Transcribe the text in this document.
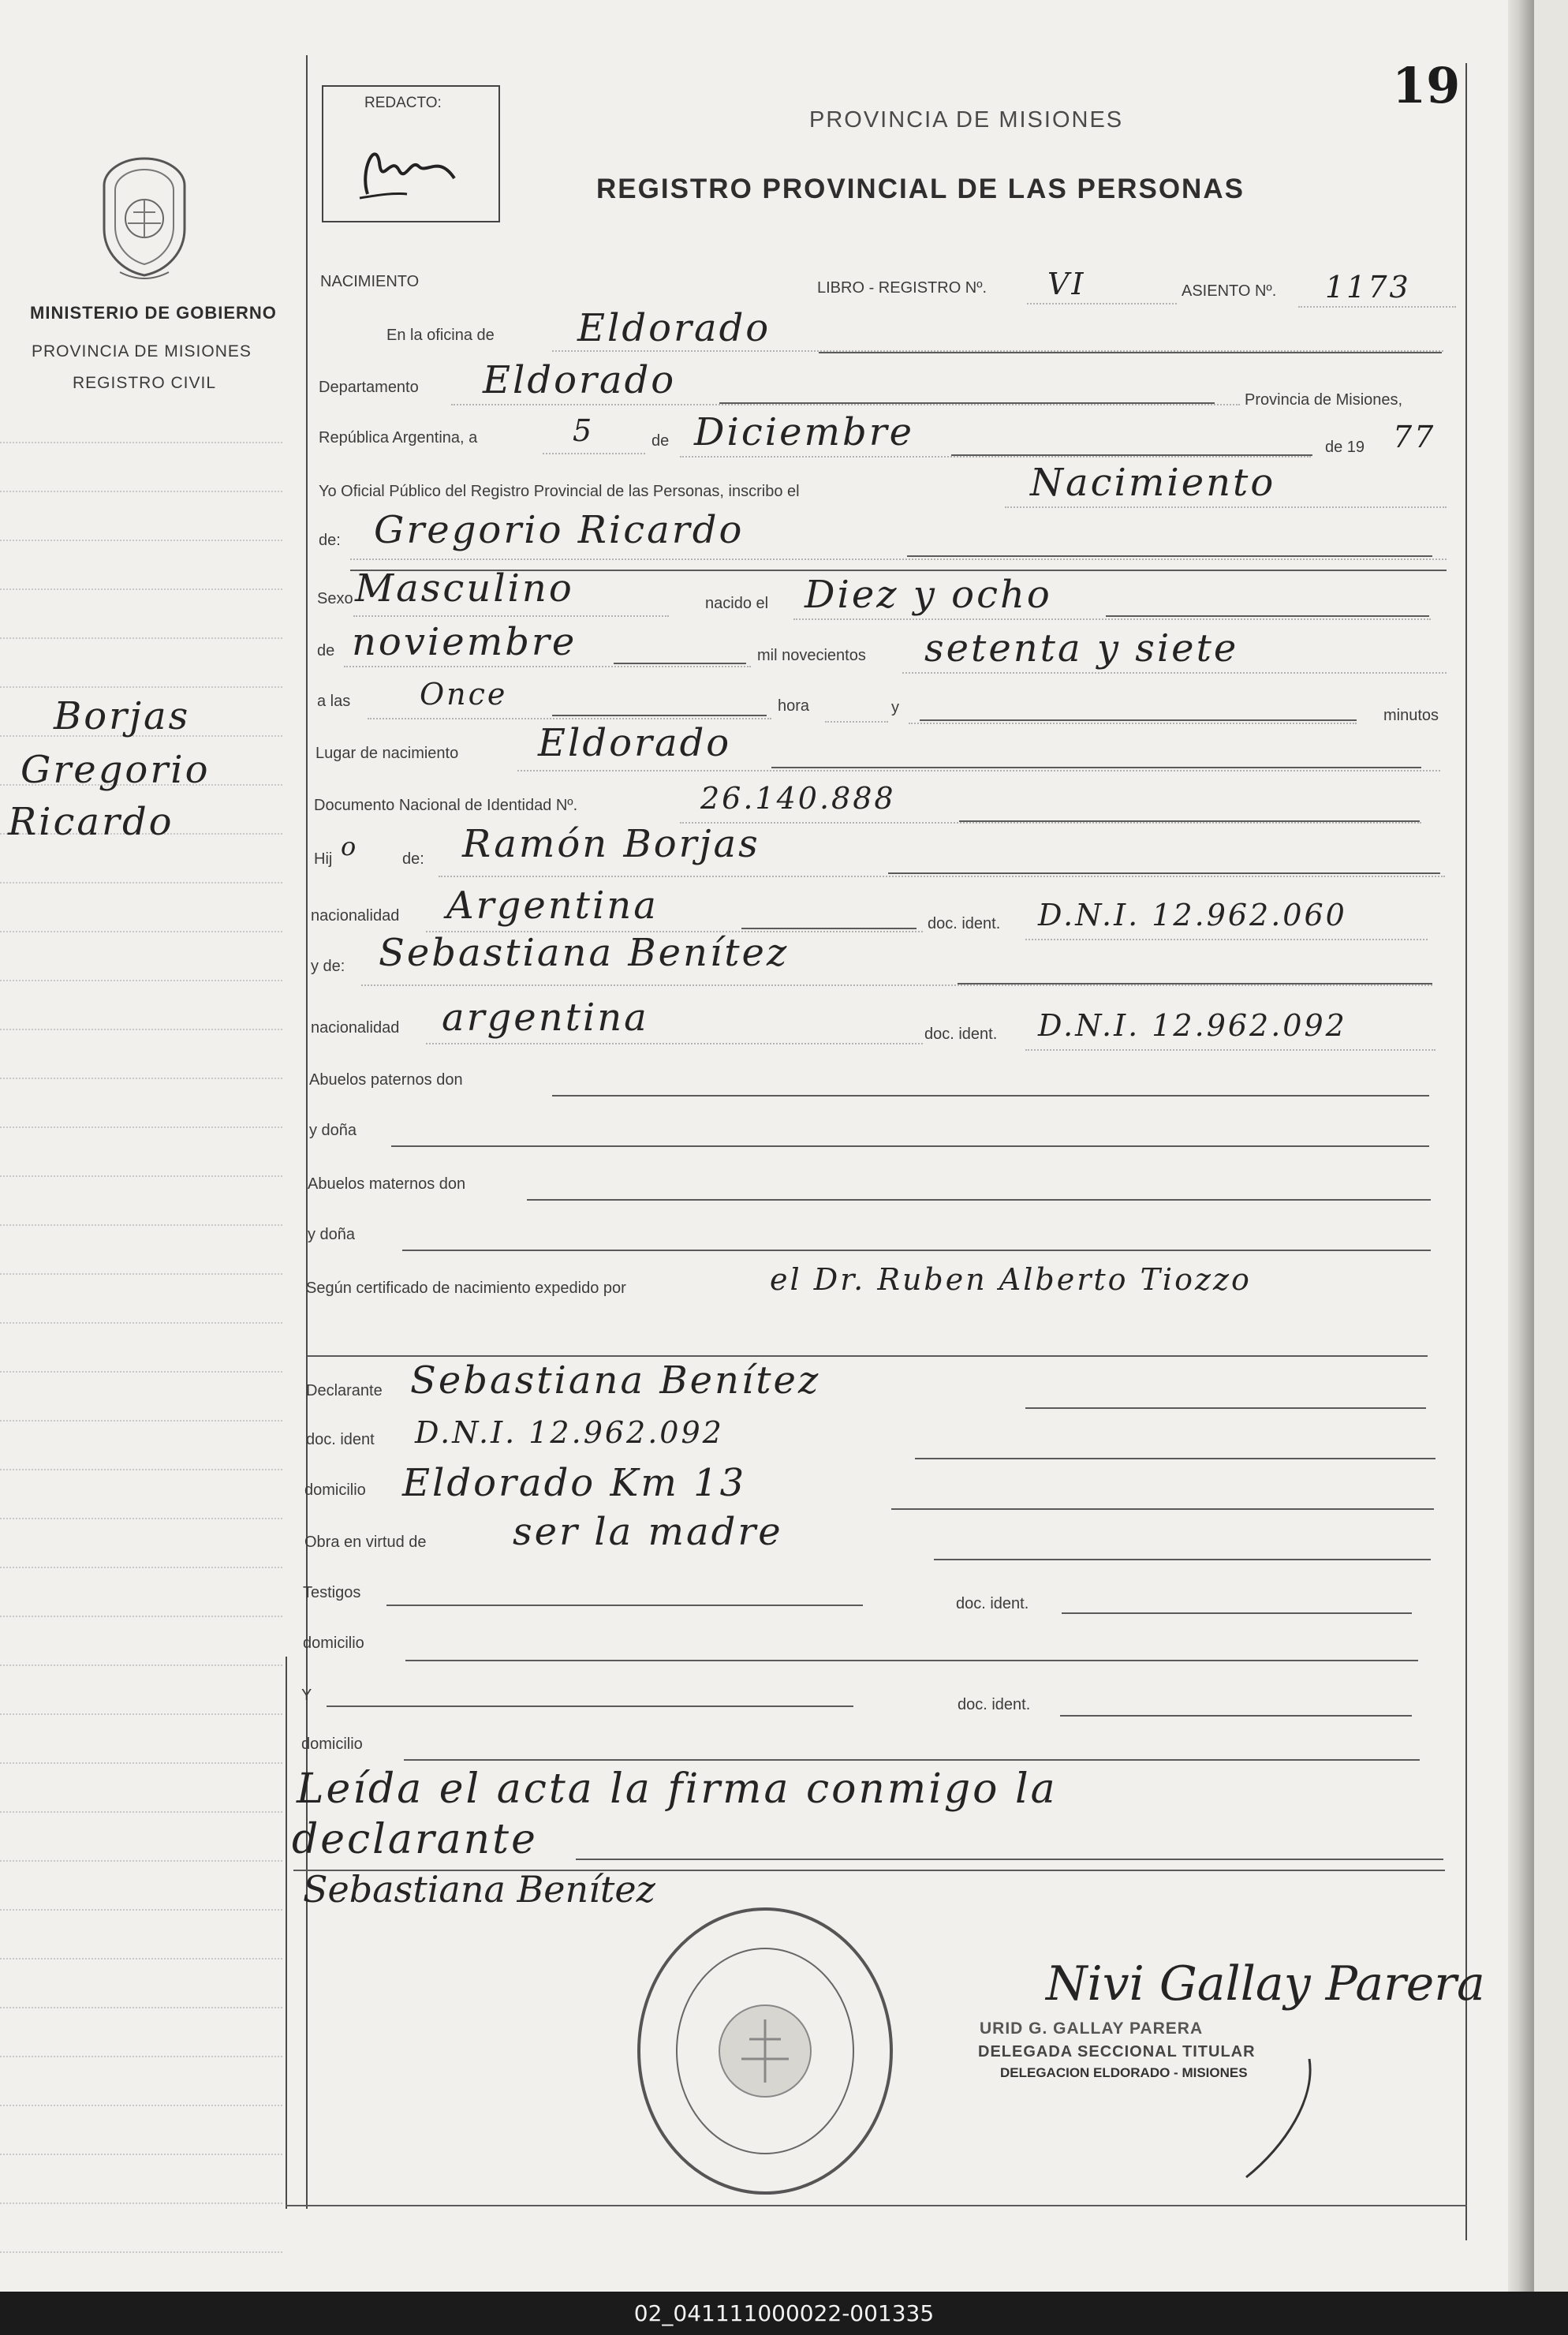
19
MINISTERIO DE GOBIERNO
PROVINCIA DE MISIONES
REGISTRO CIVIL
Borjas
Gregorio
Ricardo
REDACTO:
PROVINCIA DE MISIONES
REGISTRO PROVINCIAL DE LAS PERSONAS
NACIMIENTO	LIBRO - REGISTRO Nº. VI	ASIENTO Nº. 1173
En la oficina de Eldorado
Departamento Eldorado	Provincia de Misiones,
República Argentina, a	5	de Diciembre	de 19 77
Yo Oficial Público del Registro Provincial de las Personas, inscribo el	Nacimiento
de: Gregorio Ricardo
Sexo Masculino	nacido el Diez y ocho
de noviembre	mil novecientos setenta y siete
a las Once	hora	y	minutos
Lugar de nacimiento Eldorado
Documento Nacional de Identidad Nº.	26.140.888
Hij o	de: Ramón Borjas
nacionalidad Argentina	doc. ident. D.N.I. 12.962.060
y de: Sebastiana Benítez
nacionalidad argentina	doc. ident. D.N.I. 12.962.092
Abuelos paternos don
y doña
Abuelos maternos don
y doña
Según certificado de nacimiento expedido por	el Dr. Ruben Alberto Tiozzo
Declarante Sebastiana Benítez
doc. ident D.N.I. 12.962.092
domicilio Eldorado Km 13
Obra en virtud de ser la madre
Testigos
doc. ident.
domicilio
Y
doc. ident.
domicilio
Leída el acta la firma conmigo la
declarante
Sebastiana Benítez
Nivi Gallay Parera
URID G. GALLAY PARERA
DELEGADA SECCIONAL TITULAR
DELEGACION ELDORADO - MISIONES
02_041111000022-001335
